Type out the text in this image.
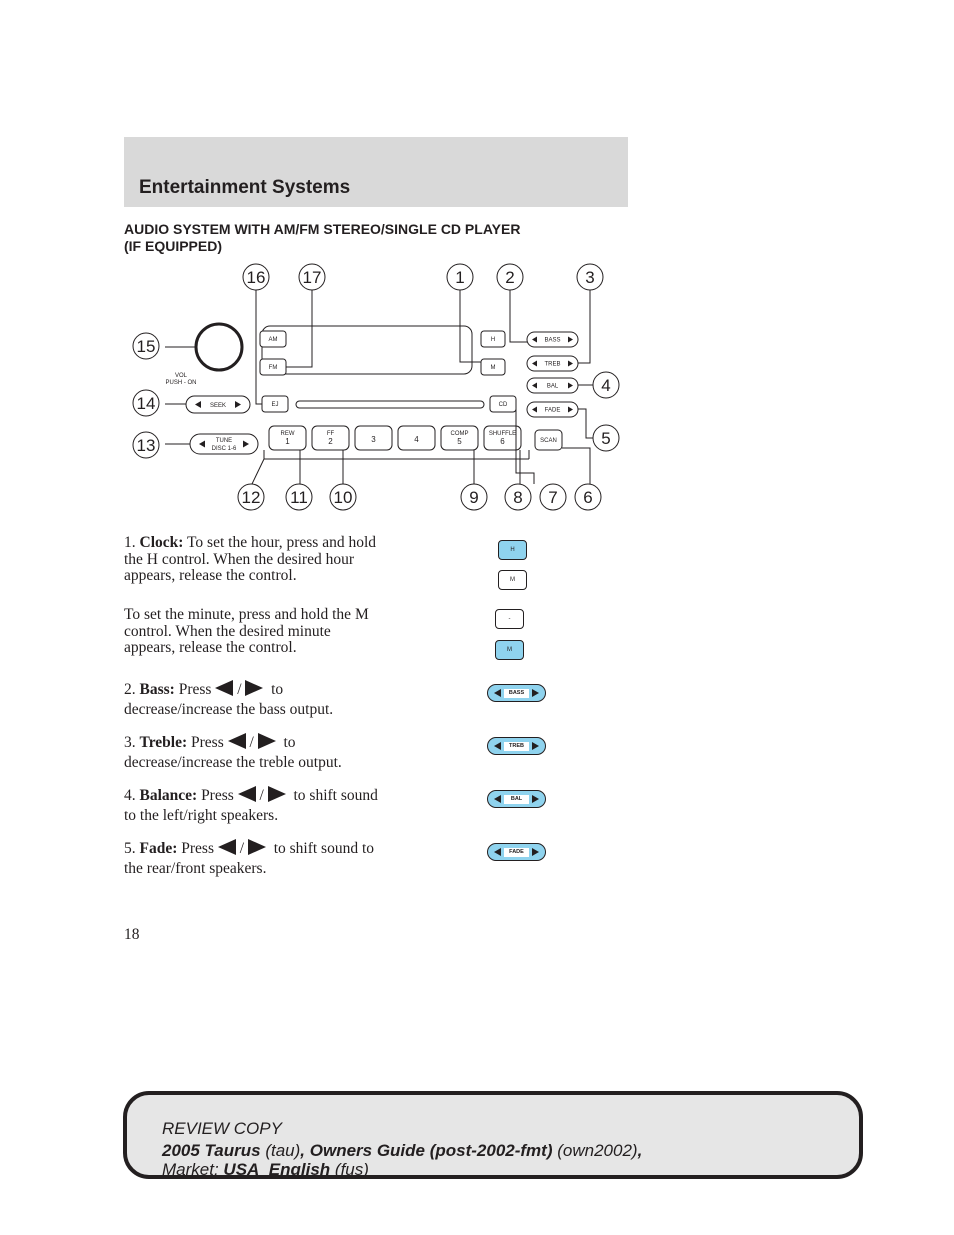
Entertainment Systems
AUDIO SYSTEM WITH AM/FM STEREO/SINGLE CD PLAYER
(IF EQUIPPED)
AM
FM
H
M
EJ	CD
BASS
TREB
BAL
FADE
SEEK
TUNE
DISC 1-6
VOL
PUSH - ON
REW
1
FF
2	3	4
COMP
5
SHUFFLE
6	SCAN
16 17	1 2	3
15
4
14
5
13
12 11 10	9 8 7 6
1. Clock: To set the hour, press and hold the H control. When the desired hour appears, release the control.
To set the minute, press and hold the M control. When the desired minute appears, release the control.
H
M
-
M
2. Bass: Press / to decrease/increase the bass output.
3. Treble: Press / to decrease/increase the treble output.
4. Balance: Press / to shift sound to the left/right speakers.
5. Fade: Press / to shift sound to the rear/front speakers.
BASS
TREB
BAL
FADE
18
REVIEW COPY
2005 Taurus (tau), Owners Guide (post-2002-fmt) (own2002),
Market: USA_English (fus)
